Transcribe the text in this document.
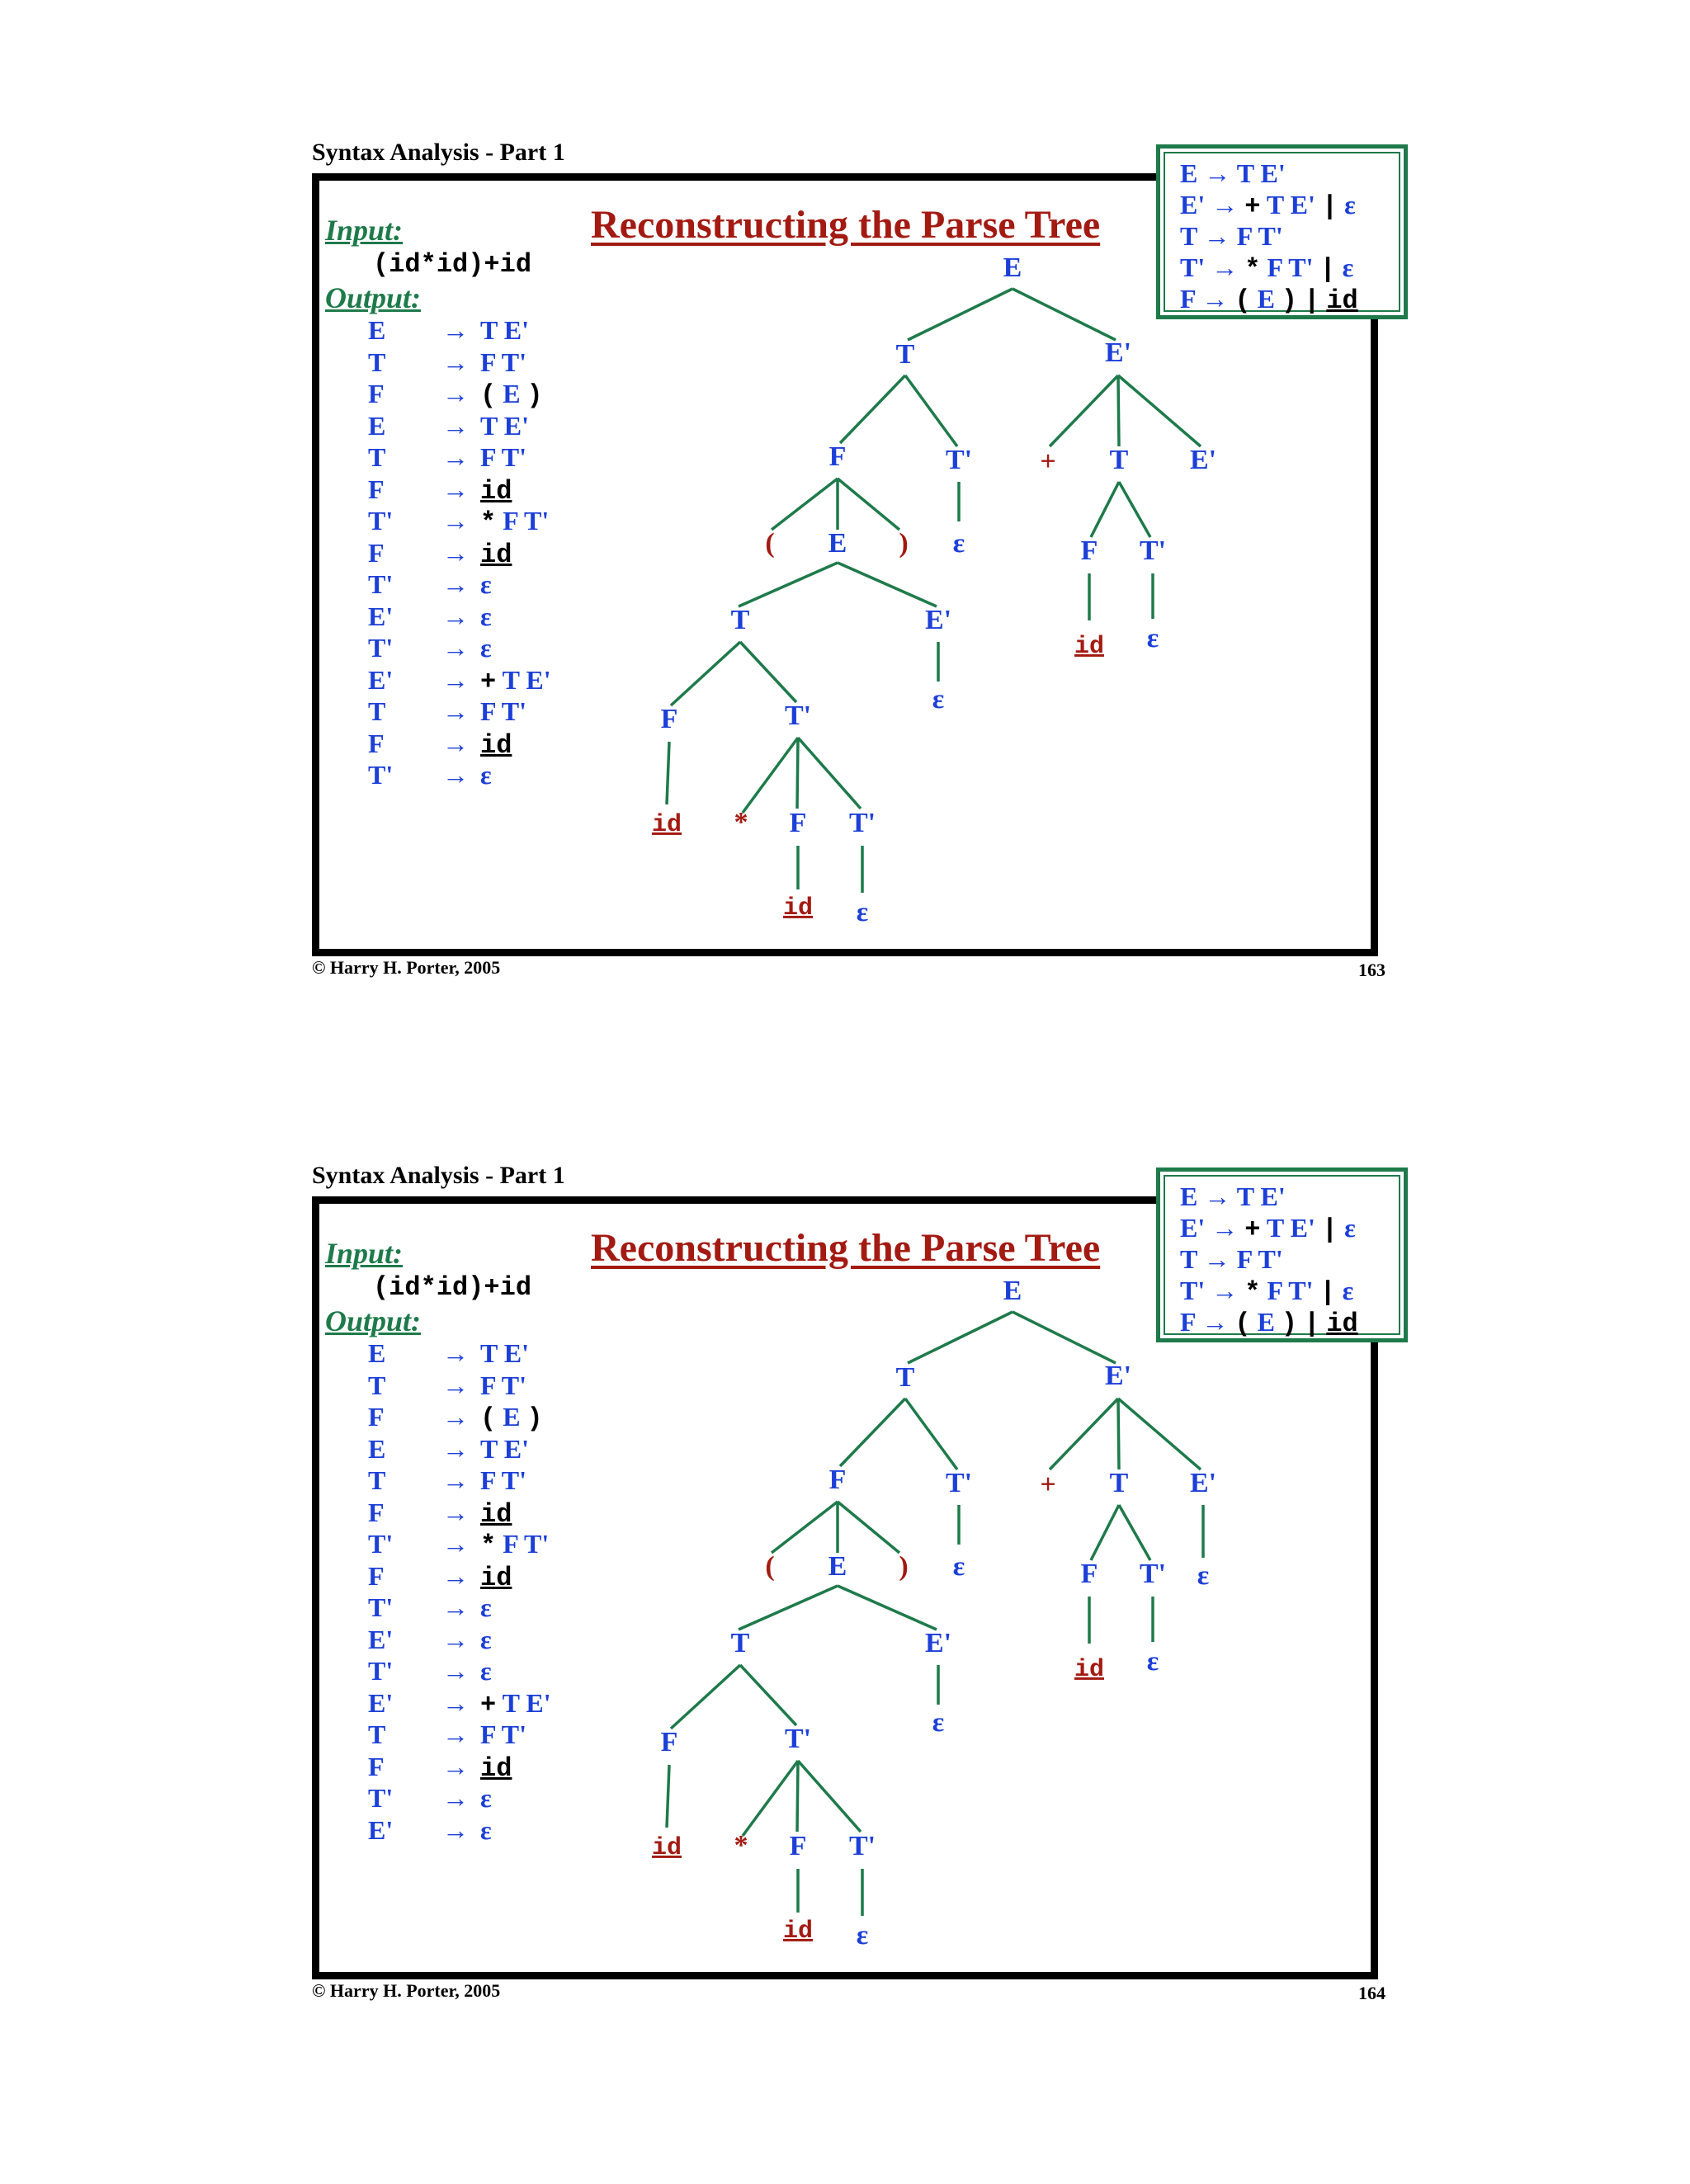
Syntax Analysis - Part 1
Reconstructing the Parse Tree
Input:
(id*id)+id
Output:
E → T E'
T → F T'
F → ( E )
E → T E'
T → F T'
F → id
T' → * F T'
F → id
T' → ε
E' → ε
T' → ε
E' → + T E'
T → F T'
F → id
T' → ε
E → T E'
E' → + T E' | ε
T → F T'
T' → * F T' | ε
F → ( E ) | id
E
T	E'
F	T' + T E'
( E ) ε	F T'
T	E'
id ε
F	T'
ε
id * F T'
id ε
© Harry H. Porter, 2005	163
Syntax Analysis - Part 1
Reconstructing the Parse Tree
Input:
(id*id)+id
Output:
E → T E'
T → F T'
F → ( E )
E → T E'
T → F T'
F → id
T' → * F T'
F → id
T' → ε
E' → ε
T' → ε
E' → + T E'
T → F T'
F → id
T' → ε
E' → ε
E → T E'
E' → + T E' | ε
T → F T'
T' → * F T' | ε
F → ( E ) | id
E
T	E'
F	T' + T E'
( E ) ε	F T'
T	E'
id ε
F	T'
ε
id * F T'
id ε
ε
© Harry H. Porter, 2005	164
